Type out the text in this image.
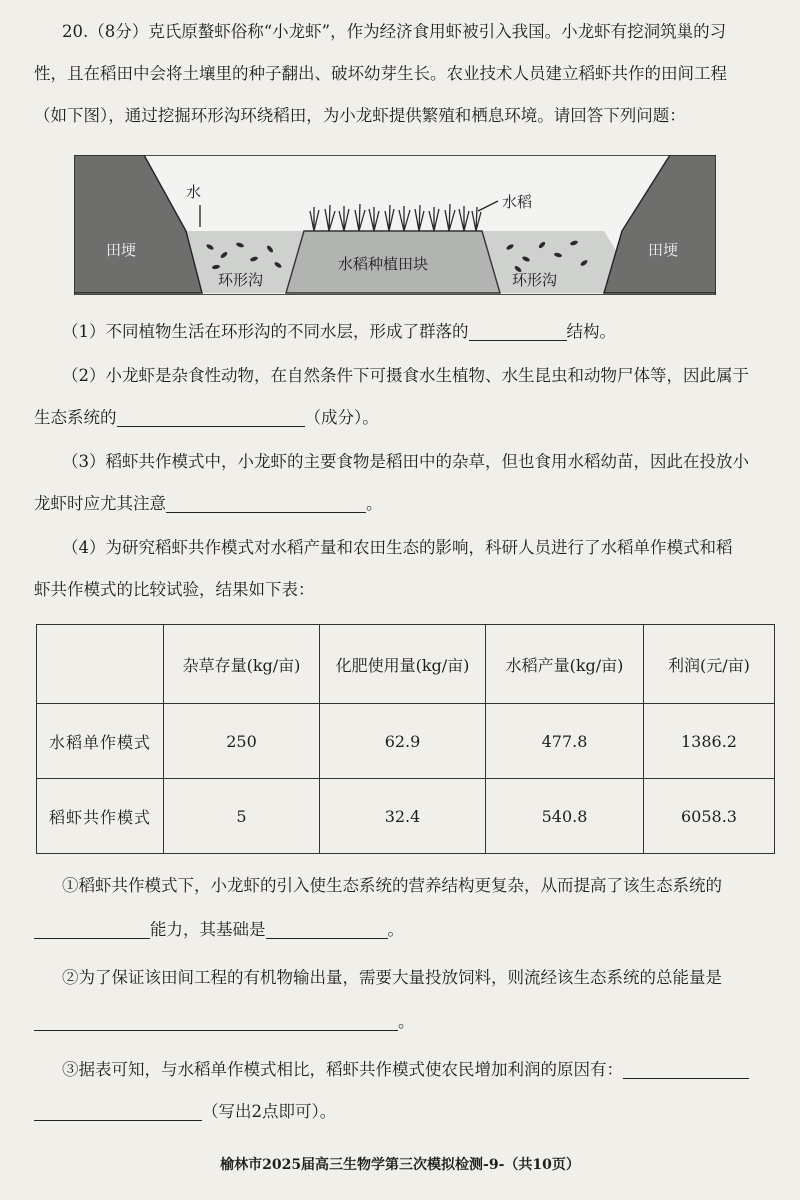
20.（8分）克氏原螯虾俗称“小龙虾”，作为经济食用虾被引入我国。小龙虾有挖洞筑巢的习
性，且在稻田中会将土壤里的种子翻出、破坏幼芽生长。农业技术人员建立稻虾共作的田间工程
（如下图），通过挖掘环形沟环绕稻田，为小龙虾提供繁殖和栖息环境。请回答下列问题：
水
水稻
田埂	田埂
水稻种植田块
环形沟	环形沟
（1）不同植物生活在环形沟的不同水层，形成了群落的	结构。
（2）小龙虾是杂食性动物，在自然条件下可摄食水生植物、水生昆虫和动物尸体等，因此属于
生态系统的	（成分）。
（3）稻虾共作模式中，小龙虾的主要食物是稻田中的杂草，但也食用水稻幼苗，因此在投放小
龙虾时应尤其注意	。
（4）为研究稻虾共作模式对水稻产量和农田生态的影响，科研人员进行了水稻单作模式和稻
虾共作模式的比较试验，结果如下表：
	杂草存量(kg/亩)	化肥使用量(kg/亩)	水稻产量(kg/亩)	利润(元/亩)
水稻单作模式	250	62.9	477.8	1386.2
稻虾共作模式	5	32.4	540.8	6058.3
①稻虾共作模式下，小龙虾的引入使生态系统的营养结构更复杂，从而提高了该生态系统的
能力，其基础是	。
②为了保证该田间工程的有机物输出量，需要大量投放饲料，则流经该生态系统的总能量是
。
③据表可知，与水稻单作模式相比，稻虾共作模式使农民增加利润的原因有：
（写出2点即可）。
榆林市2025届高三生物学第三次模拟检测-9-（共10页）
